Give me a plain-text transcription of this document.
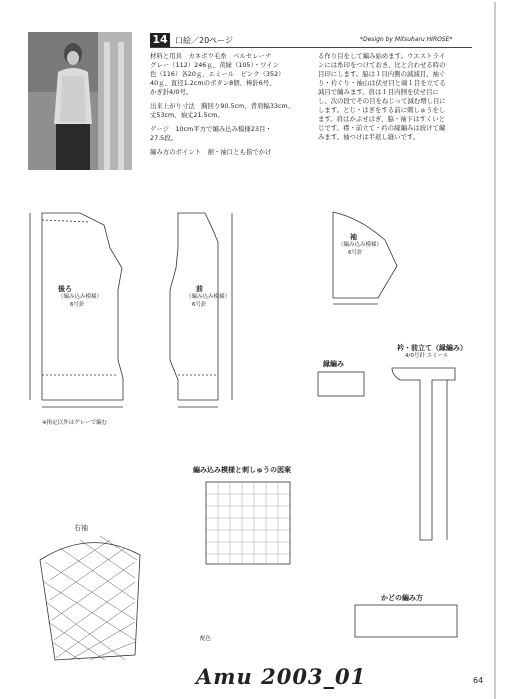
14 口絵／20ページ	*Design by Mitsuharu HIROSE*
材料と用具　カネボウ毛糸　ベルセレーナ
グレー（112）246ｇ、黄緑（105）・ワイン
色（116）各20ｇ、エミール　ピンク（352）
40ｇ、直径1.2cmのボタン8個、棒針6号、
かぎ針4/0号。
出来上がり寸法　胸回り90.5cm、背肩幅33cm、
丈53cm、袖丈21.5cm。
ゲージ　10cm平方で編み込み模様23目・
27.5段。
編み方のポイント　裾・袖口とも指でかけ
る作り目をして編み始めます。ウエストライ
ンには糸印をつけておき、比と合わせる時の
目印にします。脇は１目内側の減減目、袖ぐ
り・衿ぐり・袖山は伏せ目と端１目を立てる
減目で編みます。肩は１目内側を伏せ目に
し、次の段でその目をねじって減む増し目に
します。とじ・はぎをする前に刺しゅうをし
ます。肩はかぶせはぎ、脇・袖下はすくいと
じです。襟・前立て・衿の縁編みは続けて編
みます。袖つけは半返し縫いです。
後ろ
（編み込み模様）
6号針
前
（編み込み模様）
6号針
袖
（編み込み模様）
6号針
衿・前立て（縁編み）
4/0号針 エミール
縁編み
編み込み模様と刺しゅうの図案
配色
かどの編み方
右袖
※指定以外はグレーで編む
Amu 2003_01	64
